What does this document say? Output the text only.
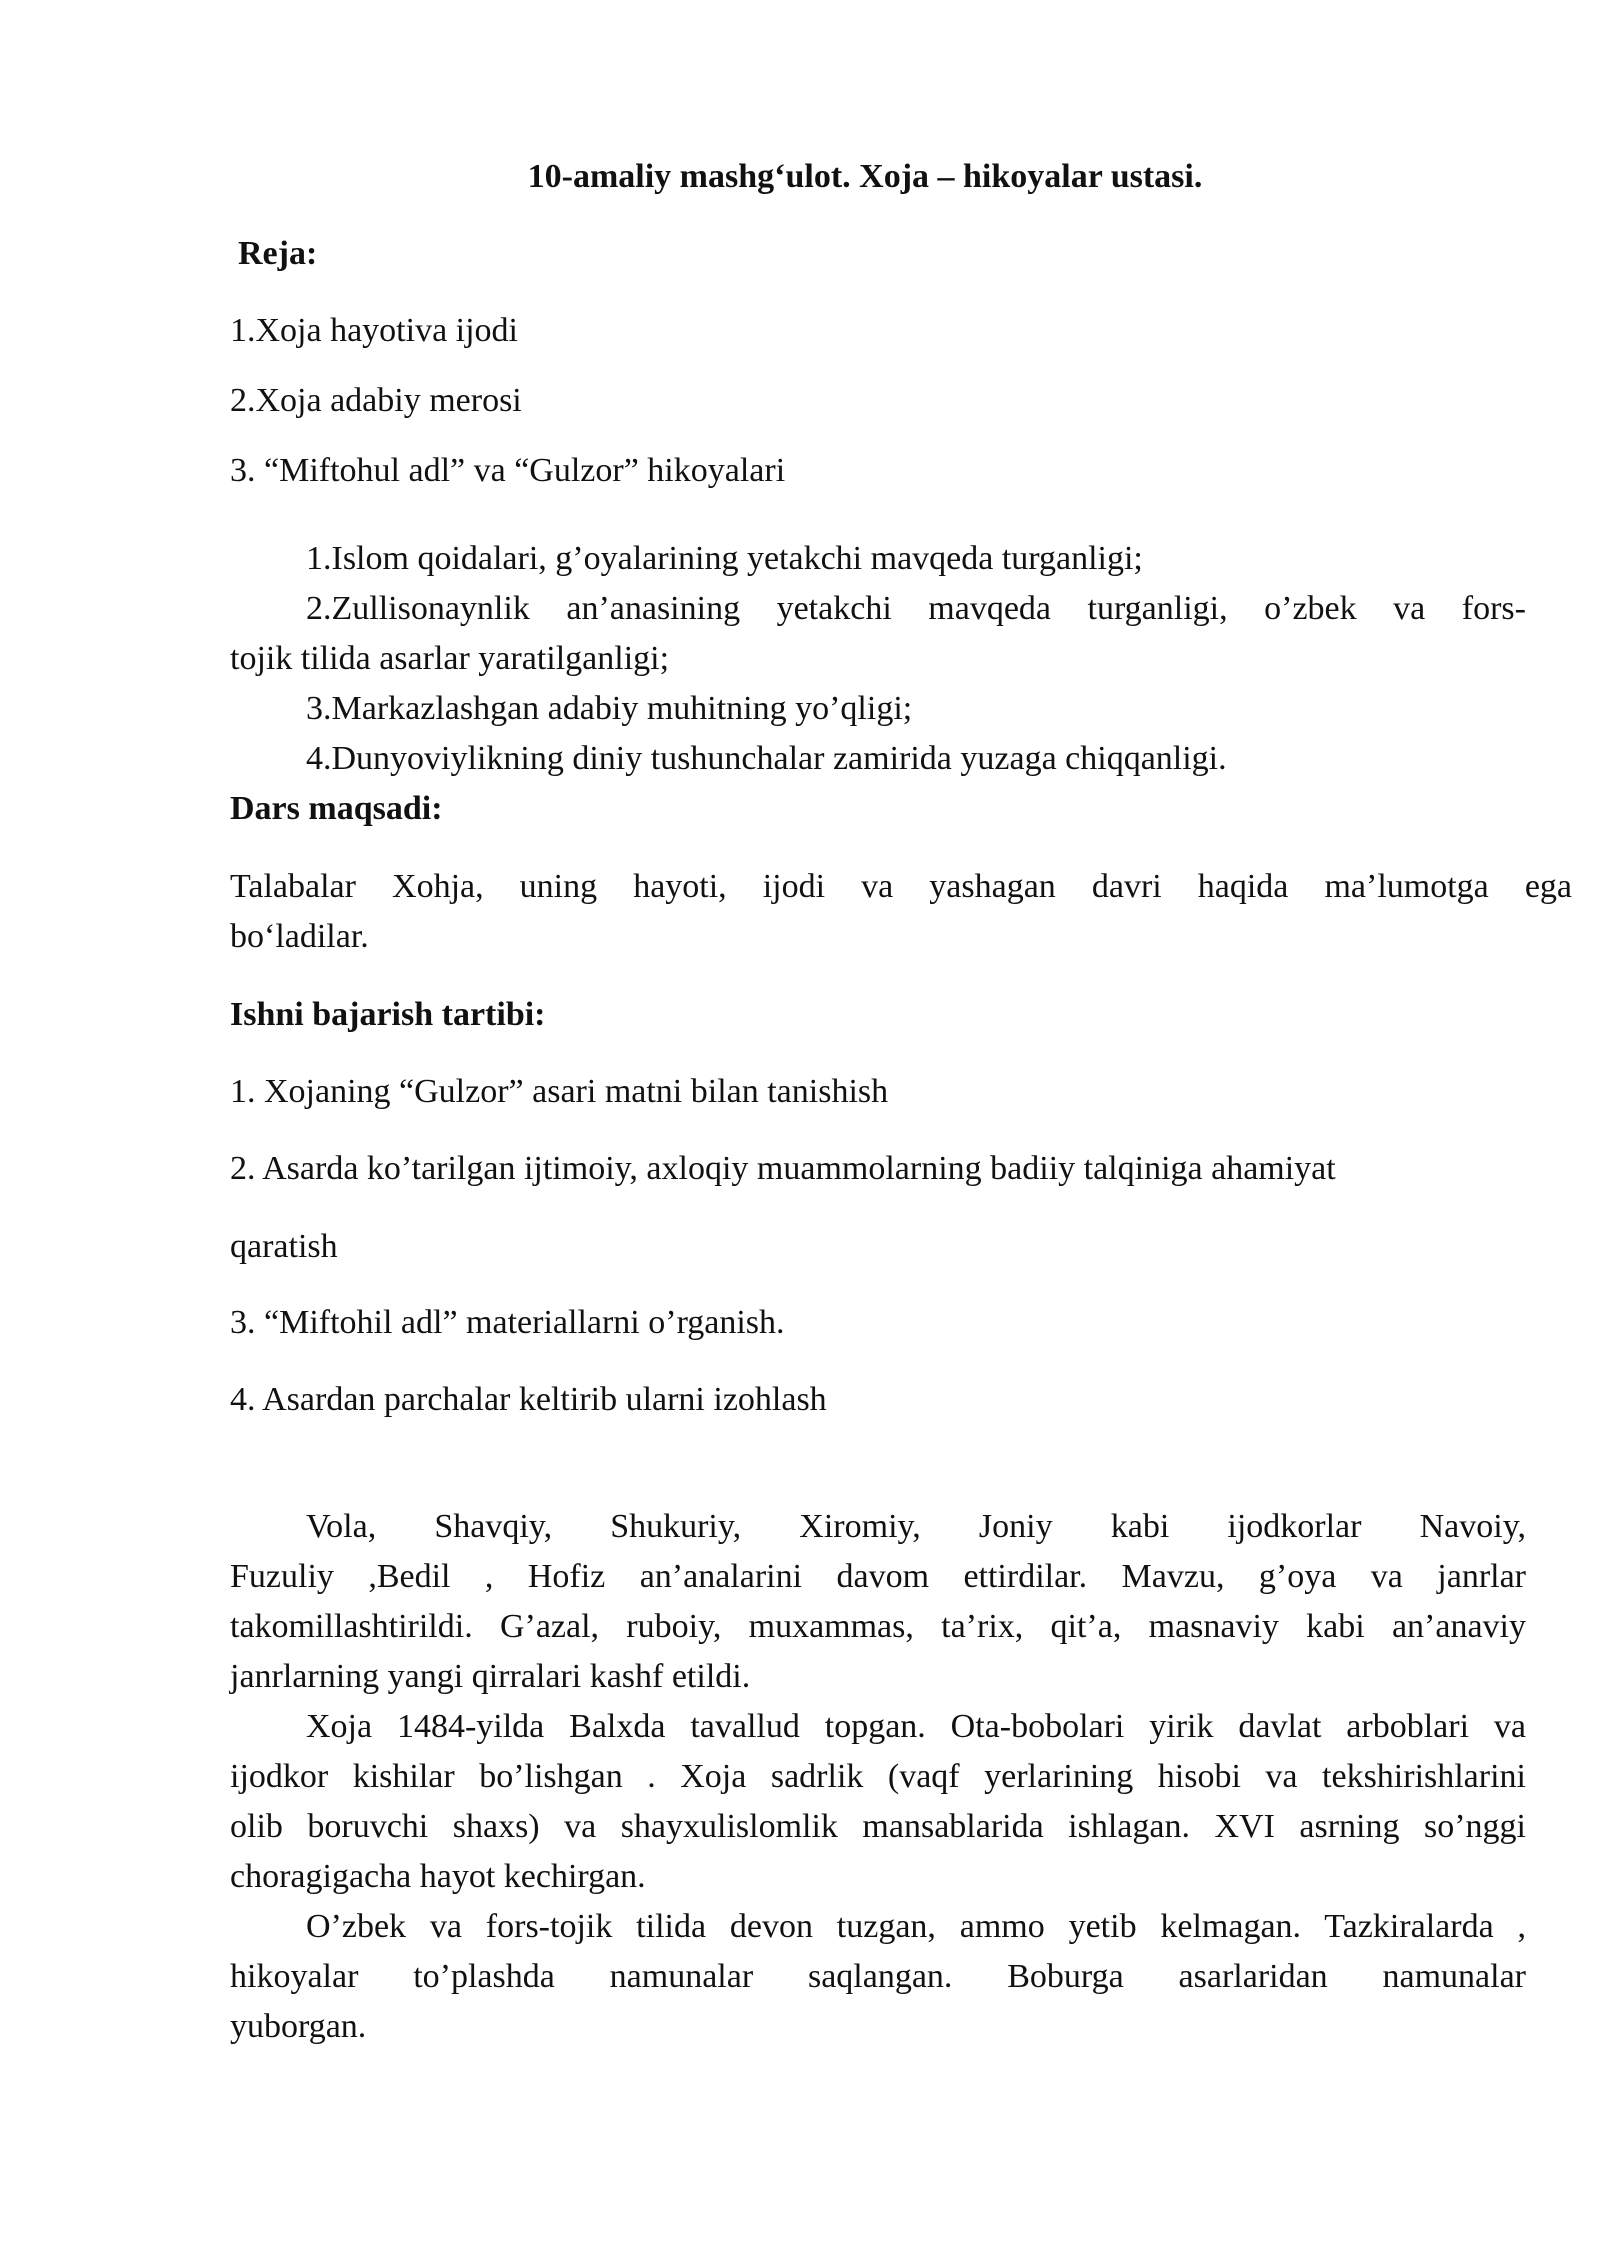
10-amaliy mashg‘ulot. Xoja – hikoyalar ustasi.
Reja:
1.Xoja hayotiva ijodi
2.Xoja adabiy merosi
3. “Miftohul adl” va “Gulzor” hikoyalari
1.Islom qoidalari, g’oyalarining yetakchi mavqeda turganligi;
2.Zullisonaynlik an’anasining yetakchi mavqeda turganligi, o’zbek va fors-
tojik tilida asarlar yaratilganligi;
3.Markazlashgan adabiy muhitning yo’qligi;
4.Dunyoviylikning diniy tushunchalar zamirida yuzaga chiqqanligi.
Dars maqsadi:
Talabalar Xohja, uning hayoti, ijodi va yashagan davri haqida ma’lumotga ega
bo‘ladilar.
Ishni bajarish tartibi:
1. Xojaning “Gulzor” asari matni bilan tanishish
2. Asarda ko’tarilgan ijtimoiy, axloqiy muammolarning badiiy talqiniga ahamiyat
qaratish
3. “Miftohil adl” materiallarni o’rganish.
4. Asardan parchalar keltirib ularni izohlash
Vola, Shavqiy, Shukuriy, Xiromiy, Joniy kabi ijodkorlar Navoiy,
Fuzuliy ,Bedil , Hofiz an’analarini davom ettirdilar. Mavzu, g’oya va janrlar
takomillashtirildi. G’azal, ruboiy, muxammas, ta’rix, qit’a, masnaviy kabi an’anaviy
janrlarning yangi qirralari kashf etildi.
Xoja 1484-yilda Balxda tavallud topgan. Ota-bobolari yirik davlat arboblari va
ijodkor kishilar bo’lishgan . Xoja sadrlik (vaqf yerlarining hisobi va tekshirishlarini
olib boruvchi shaxs) va shayxulislomlik mansablarida ishlagan. XVI asrning so’nggi
choragigacha hayot kechirgan.
O’zbek va fors-tojik tilida devon tuzgan, ammo yetib kelmagan. Tazkiralarda ,
hikoyalar to’plashda namunalar saqlangan. Boburga asarlaridan namunalar
yuborgan.
